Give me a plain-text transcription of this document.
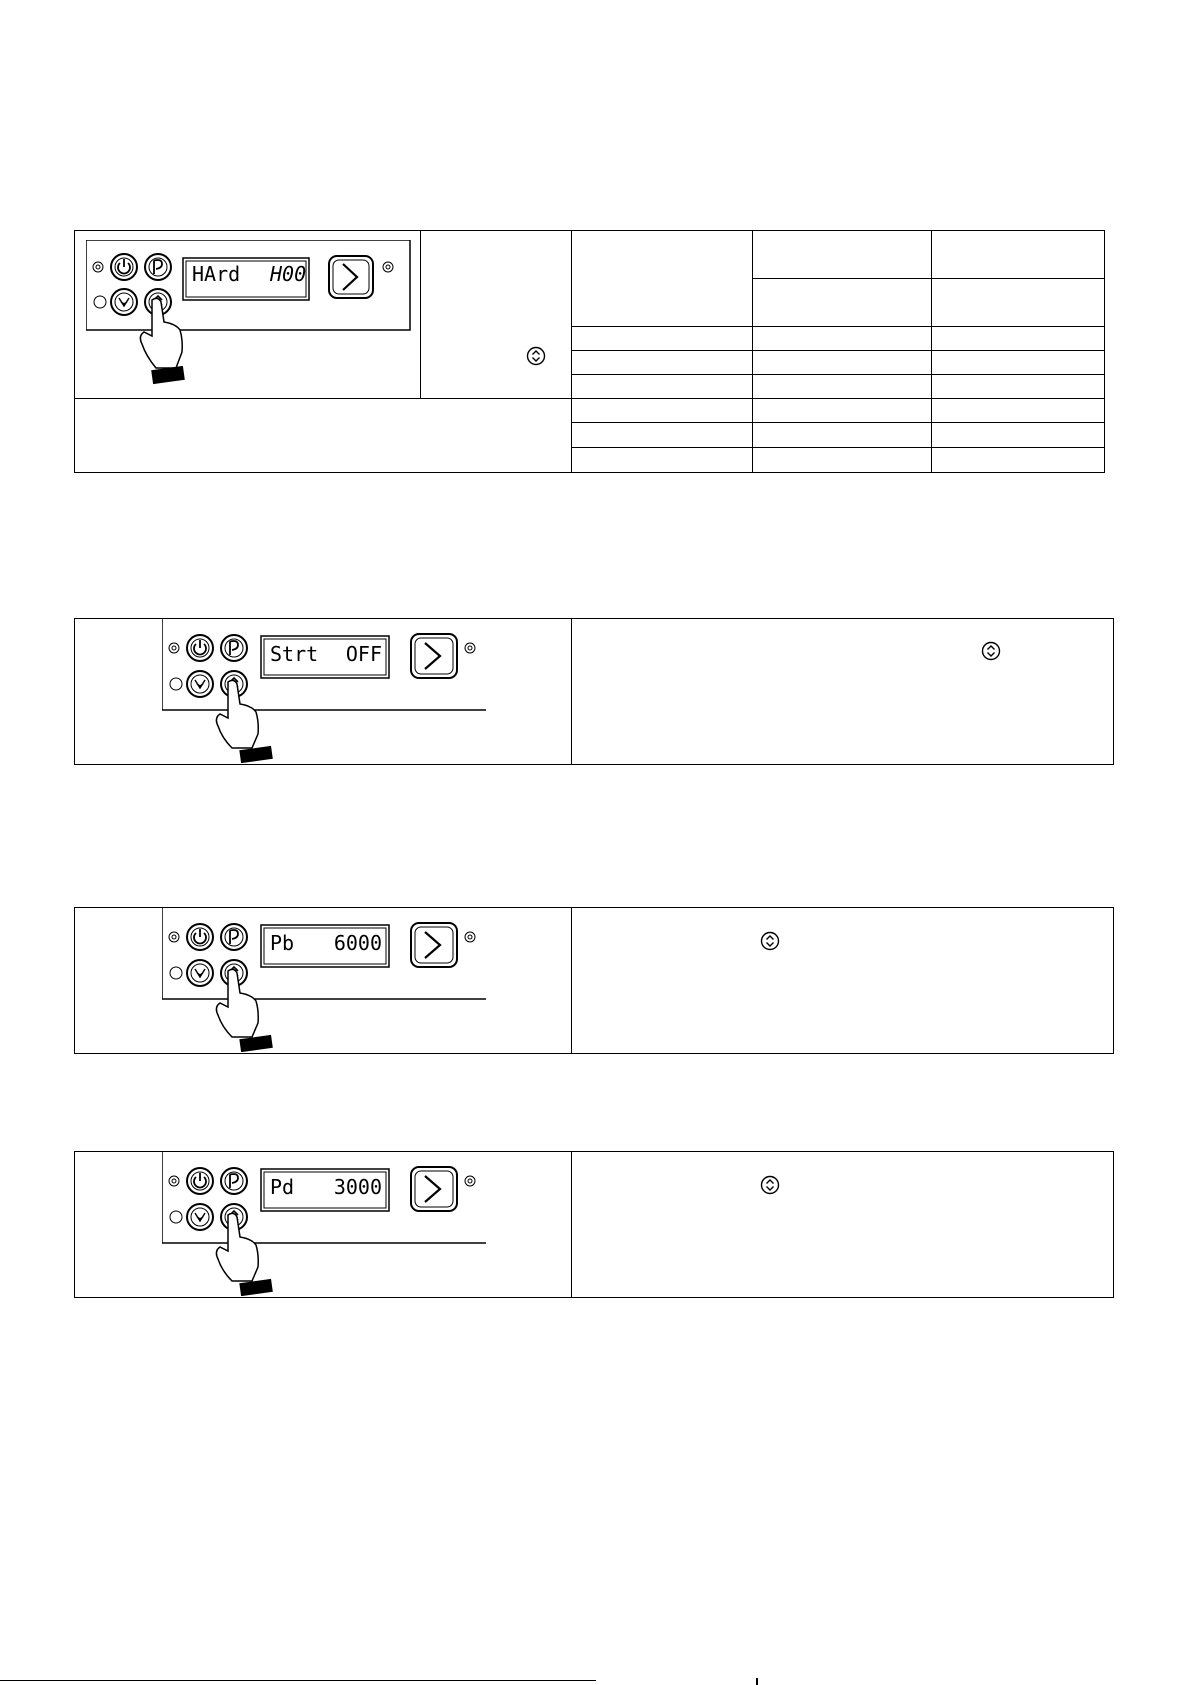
HArd H00
Strt OFF
Pb 6000
Pd 3000
